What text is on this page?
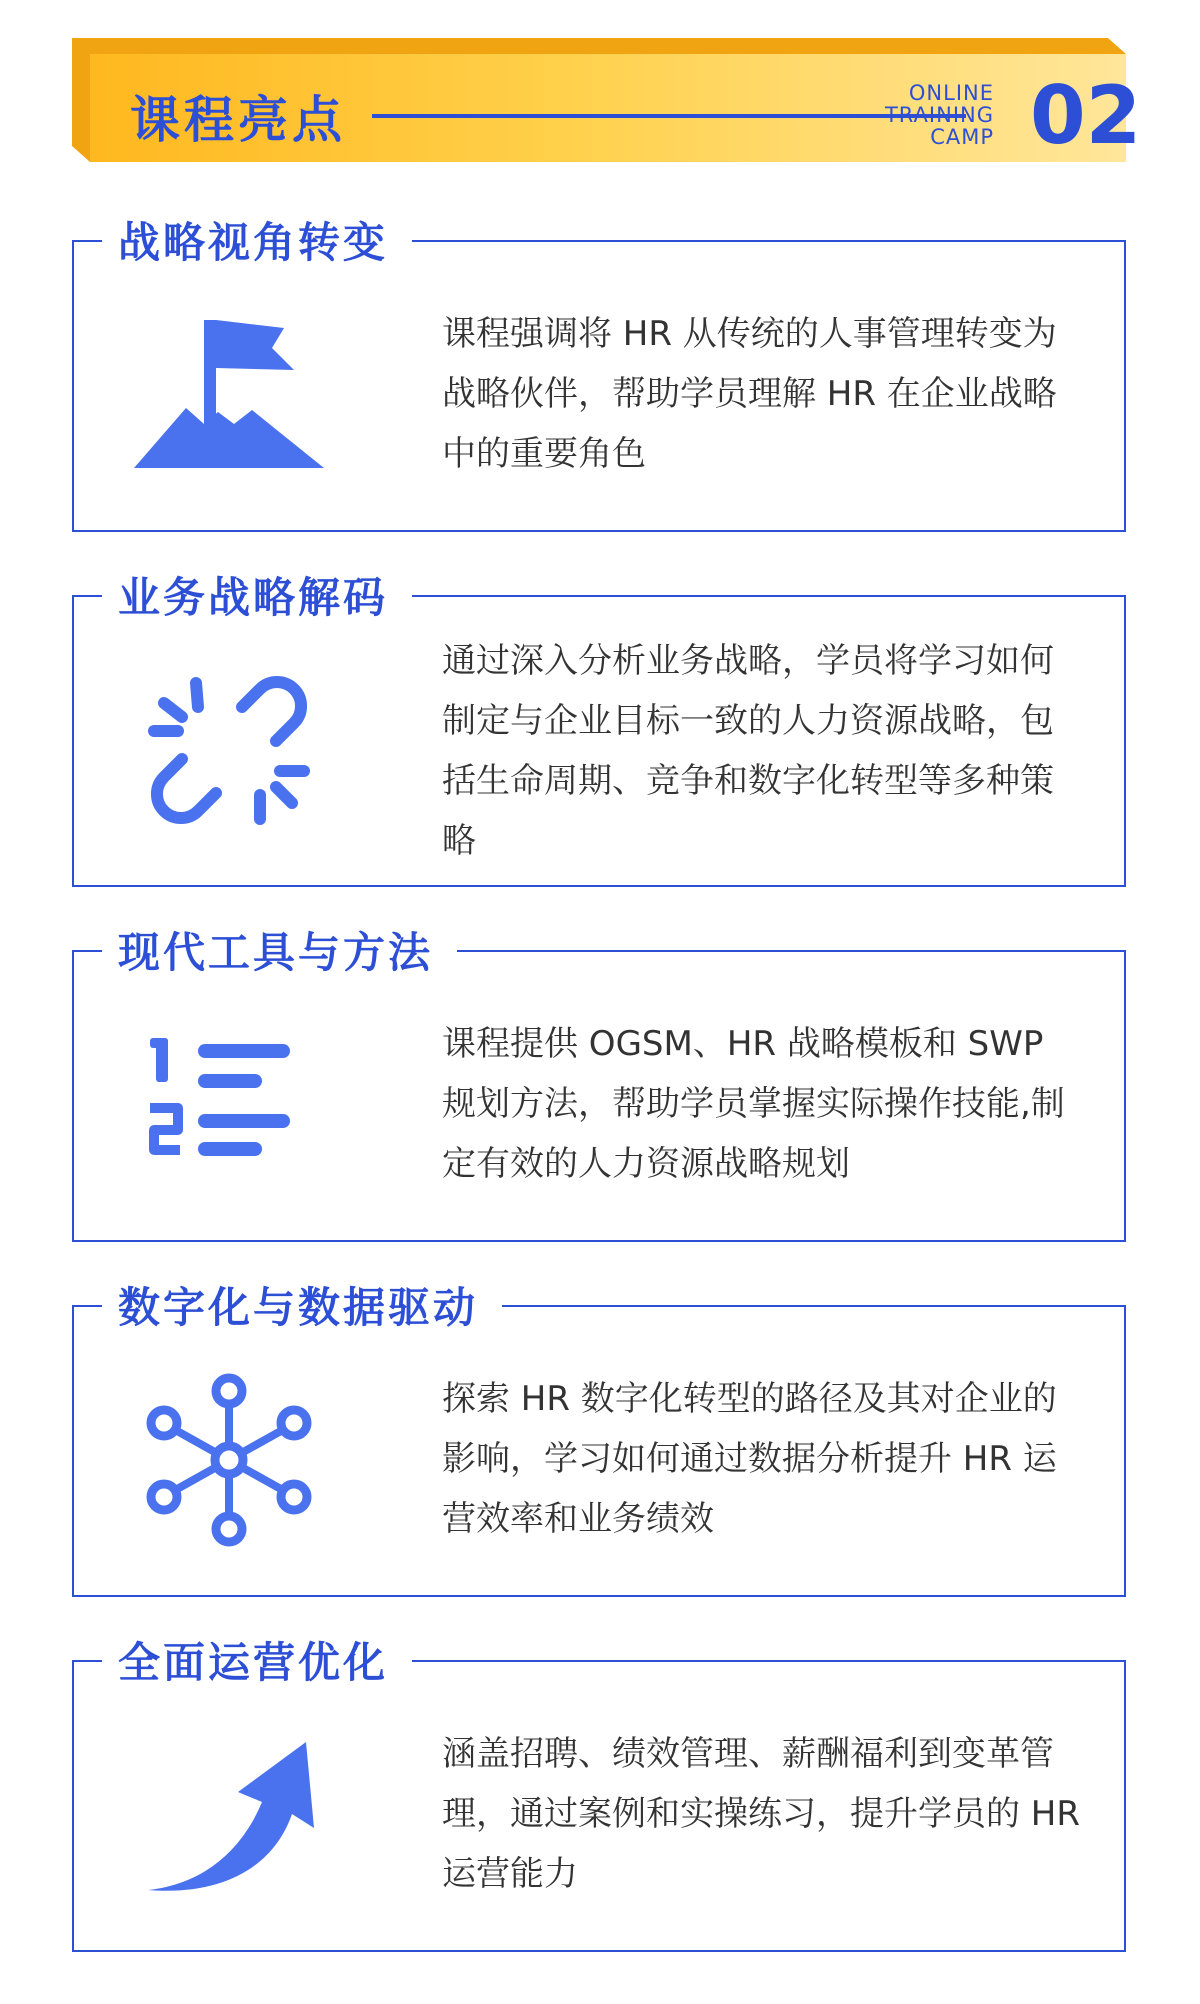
课程亮点	ONLINE
TRAINING
CAMP 02
战略视角转变
课程强调将 HR 从传统的人事管理转变为战略伙伴，帮助学员理解 HR 在企业战略中的重要角色
业务战略解码
通过深入分析业务战略，学员将学习如何制定与企业目标一致的人力资源战略，包括生命周期、竞争和数字化转型等多种策略
现代工具与方法
课程提供 OGSM、HR 战略模板和 SWP 规划方法，帮助学员掌握实际操作技能,制定有效的人力资源战略规划
数字化与数据驱动
探索 HR 数字化转型的路径及其对企业的影响，学习如何通过数据分析提升 HR 运营效率和业务绩效
全面运营优化
涵盖招聘、绩效管理、薪酬福利到变革管理，通过案例和实操练习，提升学员的 HR 运营能力
